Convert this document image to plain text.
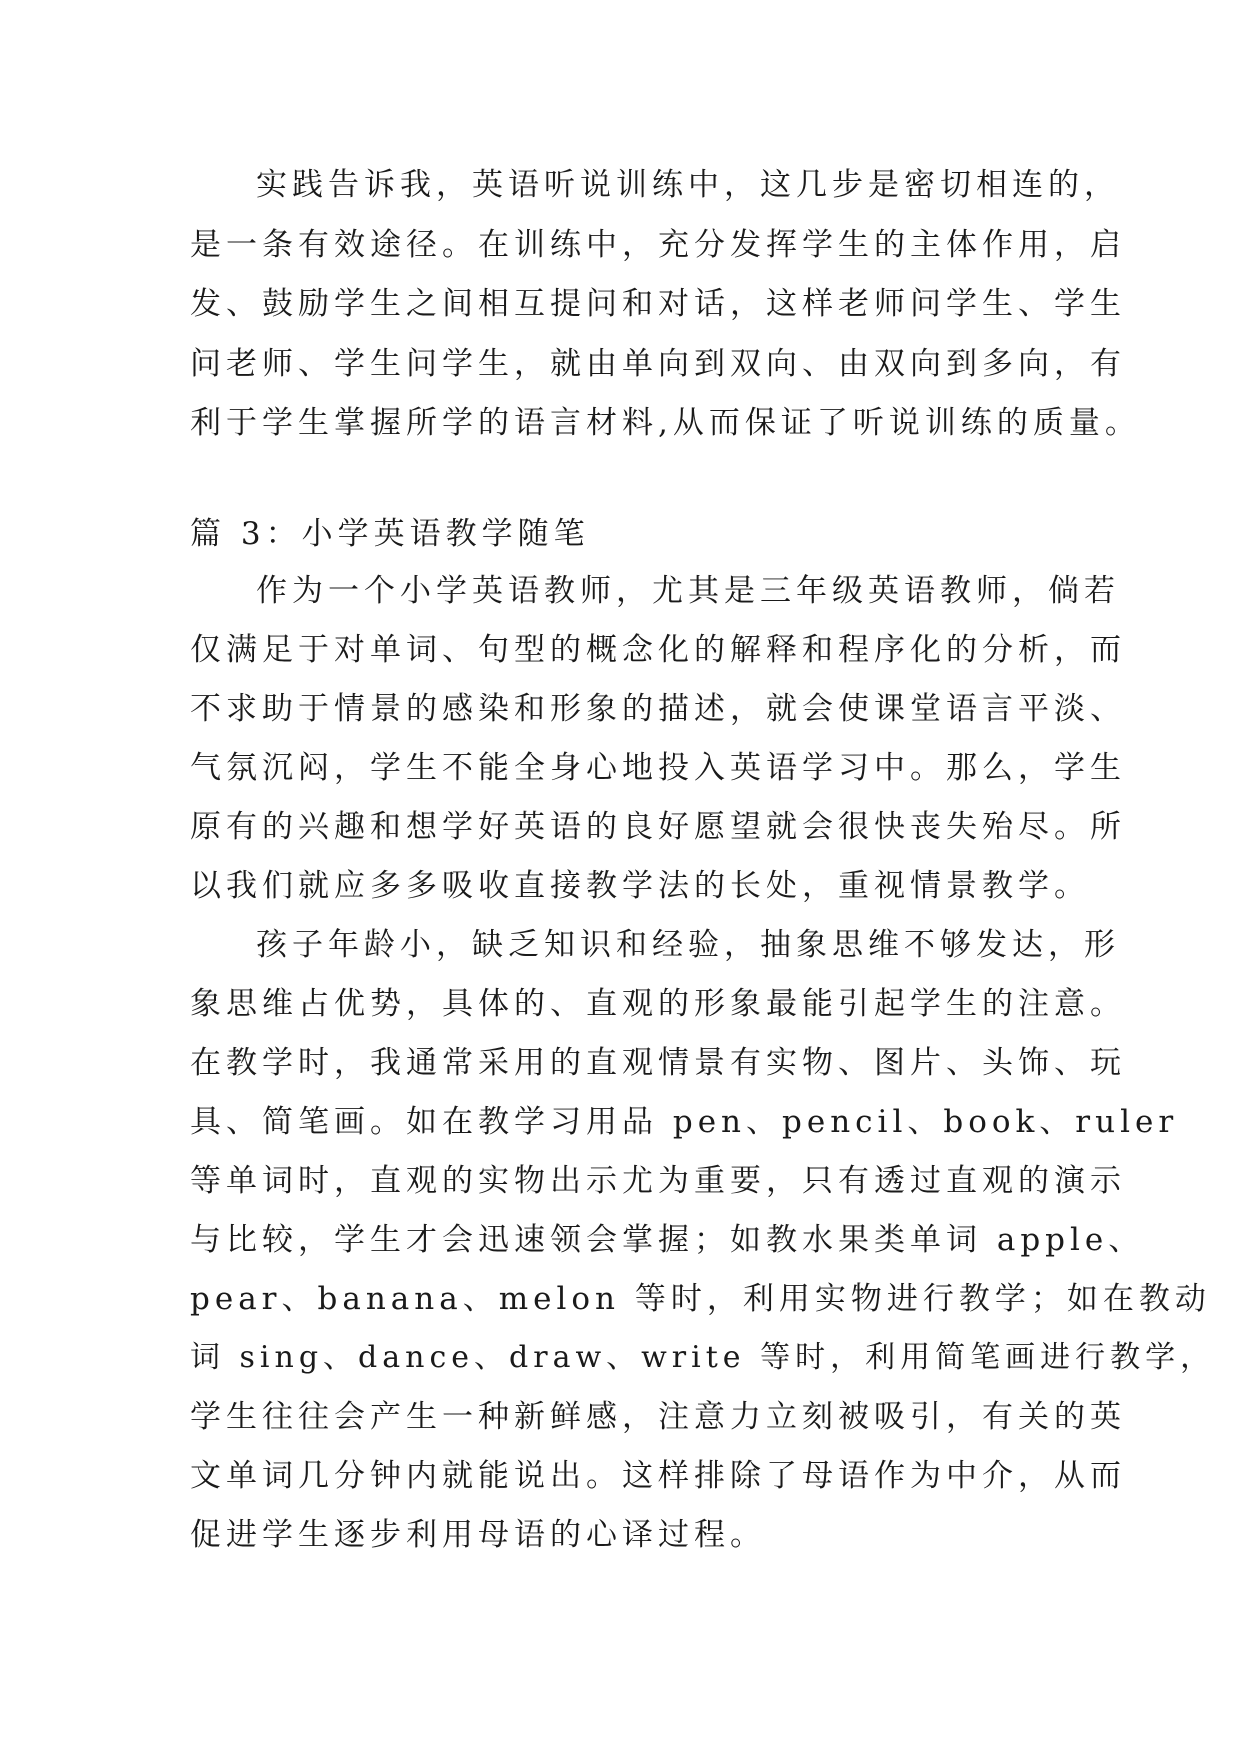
实践告诉我，英语听说训练中，这几步是密切相连的，
是一条有效途径。在训练中，充分发挥学生的主体作用，启
发、鼓励学生之间相互提问和对话，这样老师问学生、学生
问老师、学生问学生，就由单向到双向、由双向到多向，有
利于学生掌握所学的语言材料,从而保证了听说训练的质量。
篇 3：小学英语教学随笔
作为一个小学英语教师，尤其是三年级英语教师，倘若
仅满足于对单词、句型的概念化的解释和程序化的分析，而
不求助于情景的感染和形象的描述，就会使课堂语言平淡、
气氛沉闷，学生不能全身心地投入英语学习中。那么，学生
原有的兴趣和想学好英语的良好愿望就会很快丧失殆尽。所
以我们就应多多吸收直接教学法的长处，重视情景教学。
孩子年龄小，缺乏知识和经验，抽象思维不够发达，形
象思维占优势，具体的、直观的形象最能引起学生的注意。
在教学时，我通常采用的直观情景有实物、图片、头饰、玩
具、简笔画。如在教学习用品 pen、pencil、book、ruler
等单词时，直观的实物出示尤为重要，只有透过直观的演示
与比较，学生才会迅速领会掌握；如教水果类单词 apple、
pear、banana、melon 等时，利用实物进行教学；如在教动
词 sing、dance、draw、write 等时，利用简笔画进行教学，
学生往往会产生一种新鲜感，注意力立刻被吸引，有关的英
文单词几分钟内就能说出。这样排除了母语作为中介，从而
促进学生逐步利用母语的心译过程。
